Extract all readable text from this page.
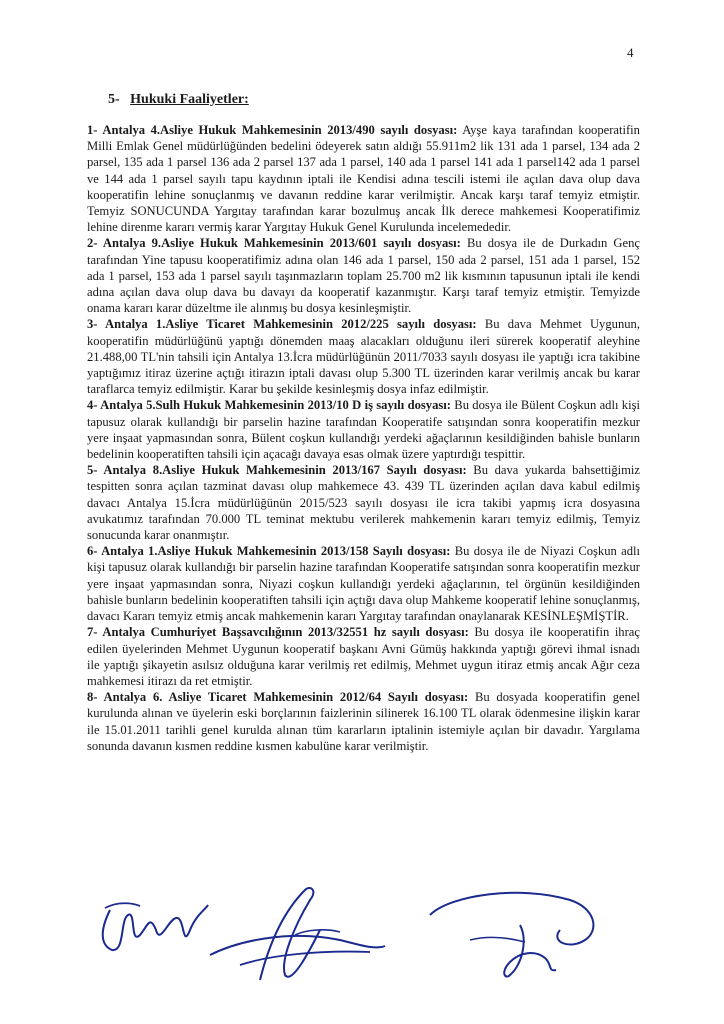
4
5- Hukuki Faaliyetler:

1- Antalya 4.Asliye Hukuk Mahkemesinin 2013/490 sayılı dosyası: Ayşe kaya tarafından kooperatifin Milli Emlak Genel müdürlüğünden bedelini ödeyerek satın aldığı 55.911m2 lik 131 ada 1 parsel, 134 ada 2 parsel, 135 ada 1 parsel 136 ada 2 parsel 137 ada 1 parsel, 140 ada 1 parsel 141 ada 1 parsel142 ada 1 parsel ve 144 ada 1 parsel sayılı tapu kaydının iptali ile Kendisi adına tescili istemi ile açılan dava olup dava kooperatifin lehine sonuçlanmış ve davanın reddine karar verilmiştir. Ancak karşı taraf temyiz etmiştir. Temyiz SONUCUNDA Yargıtay tarafından karar bozulmuş ancak İlk derece mahkemesi Kooperatifimiz lehine direnme kararı vermiş karar Yargıtay Hukuk Genel Kurulunda incelemededir.

2- Antalya 9.Asliye Hukuk Mahkemesinin 2013/601 sayılı dosyası: Bu dosya ile de Durkadın Genç tarafından Yine tapusu kooperatifimiz adına olan 146 ada 1 parsel, 150 ada 2 parsel, 151 ada 1 parsel, 152 ada 1 parsel, 153 ada 1 parsel sayılı taşınmazların toplam 25.700 m2 lik kısmının tapusunun iptali ile kendi adına açılan dava olup dava bu davayı da kooperatif kazanmıştır. Karşı taraf temyiz etmiştir. Temyizde onama kararı karar düzeltme ile alınmış bu dosya kesinleşmiştir.

3- Antalya 1.Asliye Ticaret Mahkemesinin 2012/225 sayılı dosyası: Bu dava Mehmet Uygunun, kooperatifin müdürlüğünü yaptığı dönemden maaş alacakları olduğunu ileri sürerek kooperatif aleyhine 21.488,00 TL'nin tahsili için Antalya 13.İcra müdürlüğünün 2011/7033 sayılı dosyası ile yaptığı icra takibine yaptığımız itiraz üzerine açtığı itirazın iptali davası olup 5.300 TL üzerinden karar verilmiş ancak bu karar taraflarca temyiz edilmiştir. Karar bu şekilde kesinleşmiş dosya infaz edilmiştir.

4- Antalya 5.Sulh Hukuk Mahkemesinin 2013/10 D iş sayılı dosyası: Bu dosya ile Bülent Coşkun adlı kişi tapusuz olarak kullandığı bir parselin hazine tarafından Kooperatife satışından sonra kooperatifin mezkur yere inşaat yapmasından sonra, Bülent coşkun kullandığı yerdeki ağaçlarının kesildiğinden bahisle bunların bedelinin kooperatiften tahsili için açacağı davaya esas olmak üzere yaptırdığı tespittir.

5- Antalya 8.Asliye Hukuk Mahkemesinin 2013/167 Sayılı dosyası: Bu dava yukarda bahsettiğimiz tespitten sonra açılan tazminat davası olup mahkemece 43. 439 TL üzerinden açılan dava kabul edilmiş davacı Antalya 15.İcra müdürlüğünün 2015/523 sayılı dosyası ile icra takibi yapmış icra dosyasına avukatımız tarafından 70.000 TL teminat mektubu verilerek mahkemenin kararı temyiz edilmiş, Temyiz sonucunda karar onanmıştır.

6- Antalya 1.Asliye Hukuk Mahkemesinin 2013/158 Sayılı dosyası: Bu dosya ile de Niyazi Coşkun adlı kişi tapusuz olarak kullandığı bir parselin hazine tarafından Kooperatife satışından sonra kooperatifin mezkur yere inşaat yapmasından sonra, Niyazi coşkun kullandığı yerdeki ağaçlarının, tel örgünün kesildiğinden bahisle bunların bedelinin kooperatiften tahsili için açtığı dava olup Mahkeme kooperatif lehine sonuçlanmış, davacı Kararı temyiz etmiş ancak mahkemenin kararı Yargıtay tarafından onaylanarak KESİNLEŞMİŞTİR.

7- Antalya Cumhuriyet Başsavcılığının 2013/32551 hz sayılı dosyası: Bu dosya ile kooperatifin ihraç edilen üyelerinden Mehmet Uygunun kooperatif başkanı Avni Gümüş hakkında yaptığı görevi ihmal isnadı ile yaptığı şikayetin asılsız olduğuna karar verilmiş ret edilmiş, Mehmet uygun itiraz etmiş ancak Ağır ceza mahkemesi itirazı da ret etmiştir.

8- Antalya 6. Asliye Ticaret Mahkemesinin 2012/64 Sayılı dosyası: Bu dosyada kooperatifin genel kurulunda alınan ve üyelerin eski borçlarının faizlerinin silinerek 16.100 TL olarak ödenmesine ilişkin karar ile 15.01.2011 tarihli genel kurulda alınan tüm kararların iptalinin istemiyle açılan bir davadır. Yargılama sonunda davanın kısmen reddine kısmen kabulüne karar verilmiştir.
